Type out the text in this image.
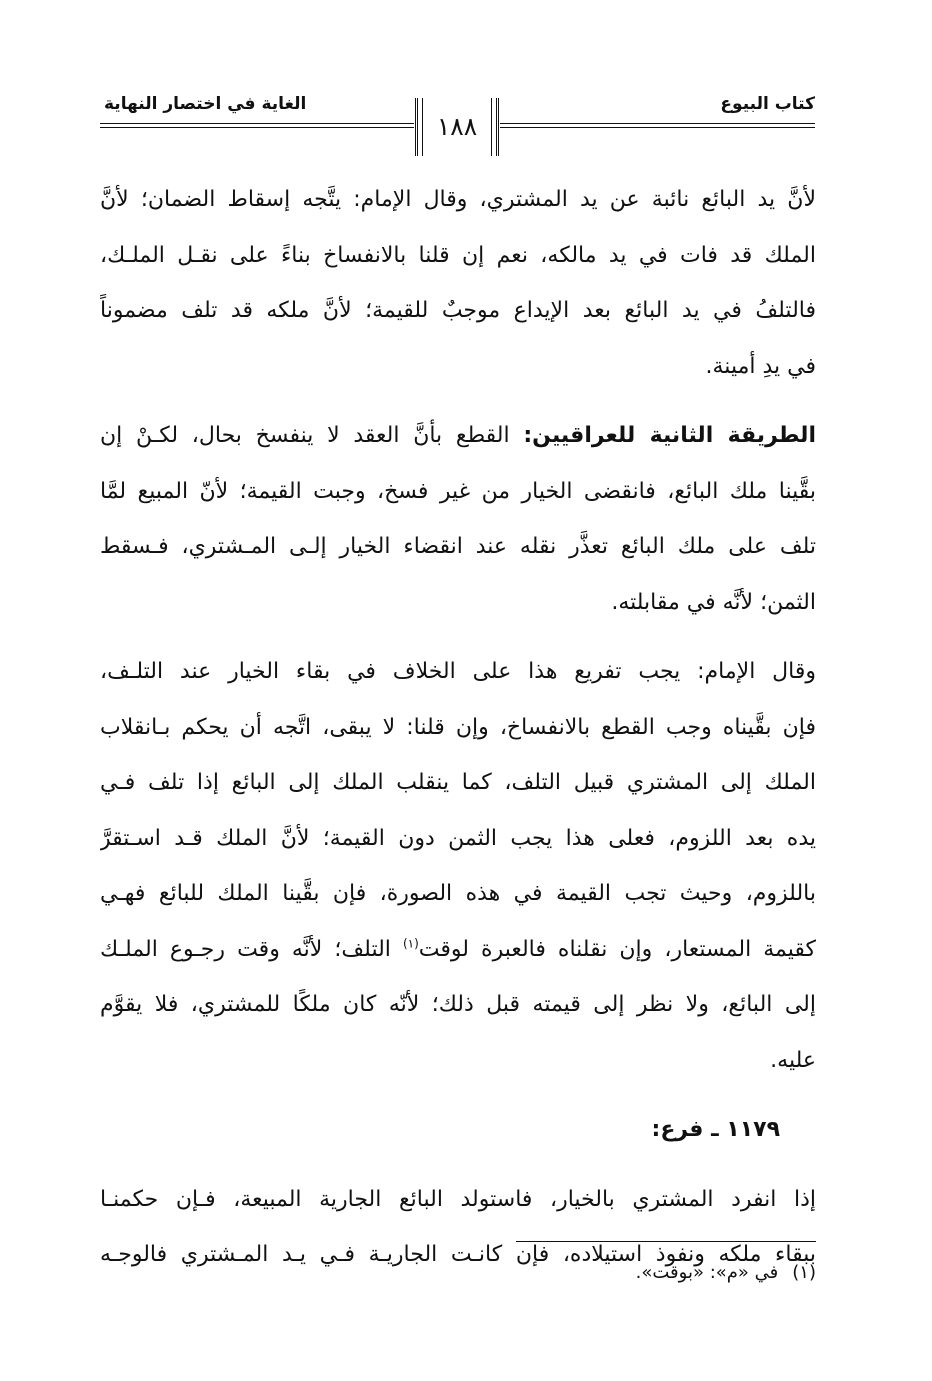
كتاب البيوع
الغاية في اختصار النهاية
١٨٨
لأنَّ يد البائع نائبة عن يد المشتري، وقال الإمام: يتَّجه إسقاط الضمان؛ لأنَّ
الملك قد فات في يد مالكه، نعم إن قلنا بالانفساخ بناءً على نقـل الملـك،
فالتلفُ في يد البائع بعد الإيداع موجبٌ للقيمة؛ لأنَّ ملكه قد تلف مضموناً
في يدِ أمينة.
الطريقة الثانية للعراقيين: القطع بأنَّ العقد لا ينفسخ بحال، لكـنْ إن
بقَّينا ملك البائع، فانقضى الخيار من غير فسخ، وجبت القيمة؛ لأنّ المبيع لمَّا
تلف على ملك البائع تعذَّر نقله عند انقضاء الخيار إلـى المـشتري، فـسقط
الثمن؛ لأنَّه في مقابلته.
وقال الإمام: يجب تفريع هذا على الخلاف في بقاء الخيار عند التلـف،
فإن بقَّيناه وجب القطع بالانفساخ، وإن قلنا: لا يبقى، اتَّجه أن يحكم بـانقلاب
الملك إلى المشتري قبيل التلف، كما ينقلب الملك إلى البائع إذا تلف فـي
يده بعد اللزوم، فعلى هذا يجب الثمن دون القيمة؛ لأنَّ الملك قـد اسـتقرَّ
باللزوم، وحيث تجب القيمة في هذه الصورة، فإن بقَّينا الملك للبائع فهـي
كقيمة المستعار، وإن نقلناه فالعبرة لوقت$^{(١)}$ التلف؛ لأنَّه وقت رجـوع الملـك
إلى البائع، ولا نظر إلى قيمته قبل ذلك؛ لأنّه كان ملكًا للمشتري، فلا يقوَّم
عليه.
١١٧٩ ـ فرع:
إذا انفرد المشتري بالخيار، فاستولد البائع الجارية المبيعة، فـإن حكمنـا
ببقاء ملكه ونفوذ استيلاده، فإن كانـت الجاريـة فـي يـد المـشتري فالوجـه
(١)في «م»: «بوقت».
